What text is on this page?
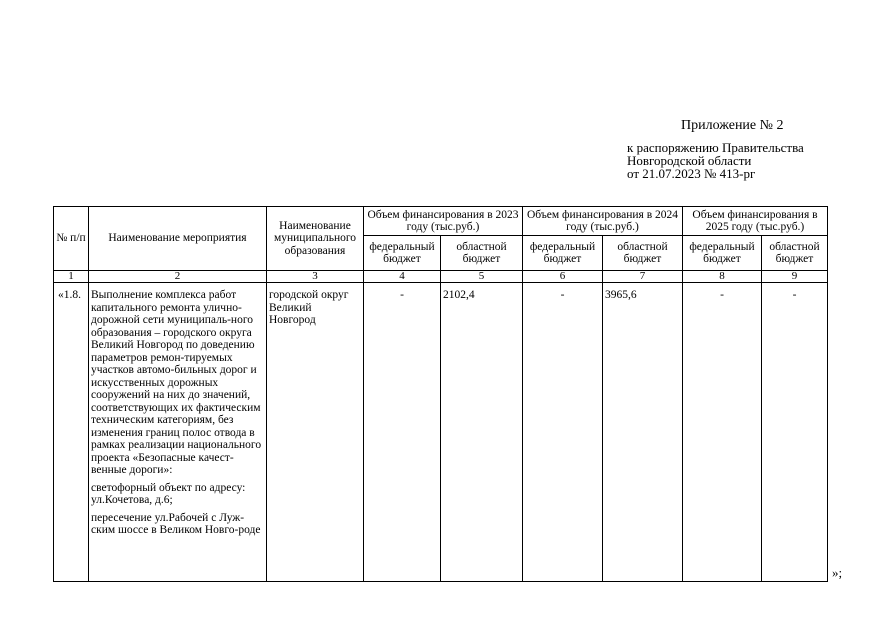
Приложение № 2
к распоряжению Правительства
Новгородской области
от 21.07.2023 № 413-рг
№ п/п	Наименование мероприятия	Наименование муниципального образования	Объем финансирования в 2023 году (тыс.руб.)		Объем финансирования в 2024 году (тыс.руб.)		Объем финансирования в 2025 году (тыс.руб.)	
			федеральный бюджет	областной бюджет	федеральный бюджет	областной бюджет	федеральный бюджет	областной бюджет
1	2	3	4	5	6	7	8	9
«1.8.	Выполнение комплекса работ капитального ремонта улично-дорожной сети муниципаль-ного образования – городского округа Великий Новгород по доведению параметров ремон-тируемых участков автомо-бильных дорог и искусственных дорожных сооружений на них до значений, соответствующих их фактическим техническим категориям, без изменения границ полос отвода в рамках реализации национального проекта «Безопасные качест-венные дороги»:
светофорный объект по адресу: ул.Кочетова, д.6;
пересечение ул.Рабочей с Луж-ским шоссе в Великом Новго-роде	городской округ Великий Новгород	-	2102,4	-	3965,6	-	-
»;
